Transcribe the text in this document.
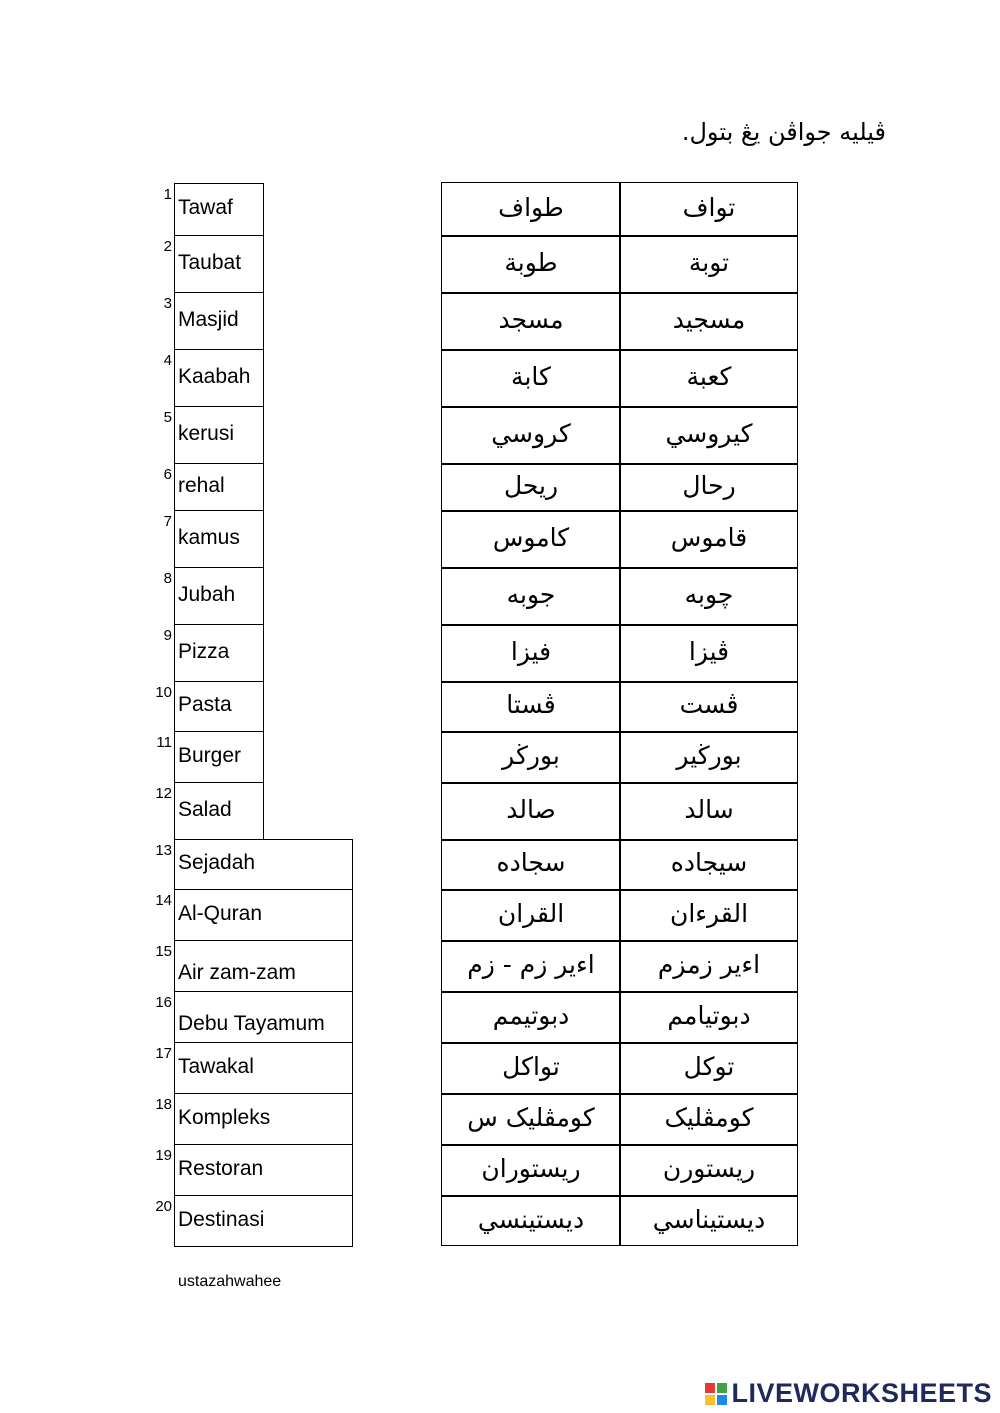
ڤيليه جواڤن يڠ بتول.
1
Tawaf
2
Taubat
3
Masjid
4
Kaabah
5
kerusi
6 rehal
7
kamus
8
Jubah
9
Pizza
10
Pasta
11
Burger
12
Salad
13
Sejadah
14
Al-Quran
15
Air zam-zam
16
Debu Tayamum
17
Tawakal
18
Kompleks
19
Restoran
20
Destinasi
طواف	تواف
طوبة	توبة
مسجد	مسجيد
كابة	كعبة
كروسي	كيروسي
ريحل	رحال
كاموس	قاموس
جوبه	چوبه
فيزا	ڤيزا
ڤستا	ڤست
بورڬر	بورڬير
صالد	سالد
سجاده	سيجاده
القران	القرءان
اءير زم - زم	اءير زمزم
دبوتيمم	دبوتيامم
تواكل	توكل
كومڤليک س	كومڤليک
ريستوران	ريستورن
ديستينسي	ديستيناسي
ustazahwahee
LIVEWORKSHEETS
